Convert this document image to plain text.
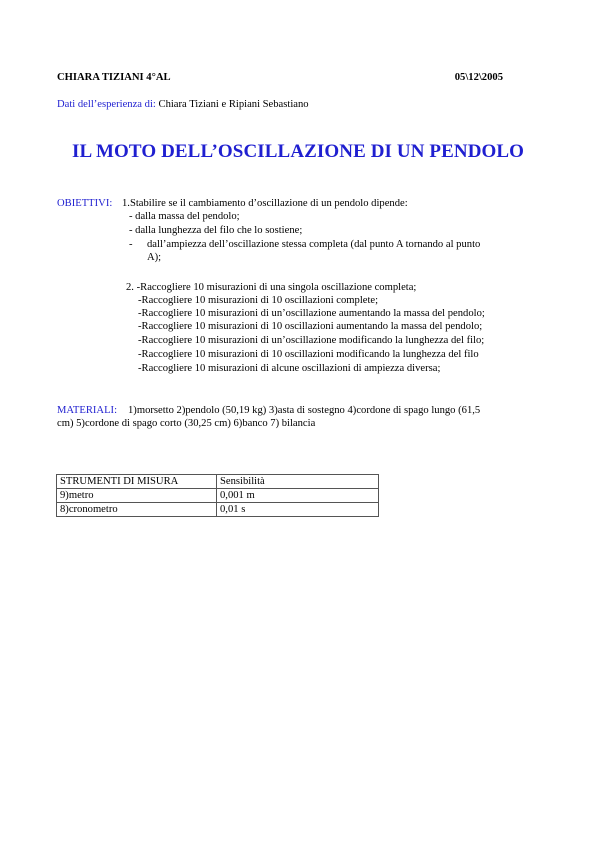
CHIARA TIZIANI 4°AL	05\12\2005
Dati dell’esperienza di: Chiara Tiziani e Ripiani Sebastiano
IL MOTO DELL’OSCILLAZIONE DI UN PENDOLO
OBIETTIVI: 1.Stabilire se il cambiamento d’oscillazione di un pendolo dipende:
- dalla massa del pendolo;
- dalla lunghezza del filo che lo sostiene;
- dall’ampiezza dell’oscillazione stessa completa (dal punto A tornando al punto
A);
2. -Raccogliere 10 misurazioni di una singola oscillazione completa;
-Raccogliere 10 misurazioni di 10 oscillazioni complete;
-Raccogliere 10 misurazioni di un’oscillazione aumentando la massa del pendolo;
-Raccogliere 10 misurazioni di 10 oscillazioni aumentando la massa del pendolo;
-Raccogliere 10 misurazioni di un’oscillazione modificando la lunghezza del filo;
-Raccogliere 10 misurazioni di 10 oscillazioni modificando la lunghezza del filo
-Raccogliere 10 misurazioni di alcune oscillazioni di ampiezza diversa;
MATERIALI: 1)morsetto 2)pendolo (50,19 kg) 3)asta di sostegno 4)cordone di spago lungo (61,5
cm) 5)cordone di spago corto (30,25 cm) 6)banco 7) bilancia
STRUMENTI DI MISURA	Sensibilità
9)metro	0,001 m
8)cronometro	0,01 s
